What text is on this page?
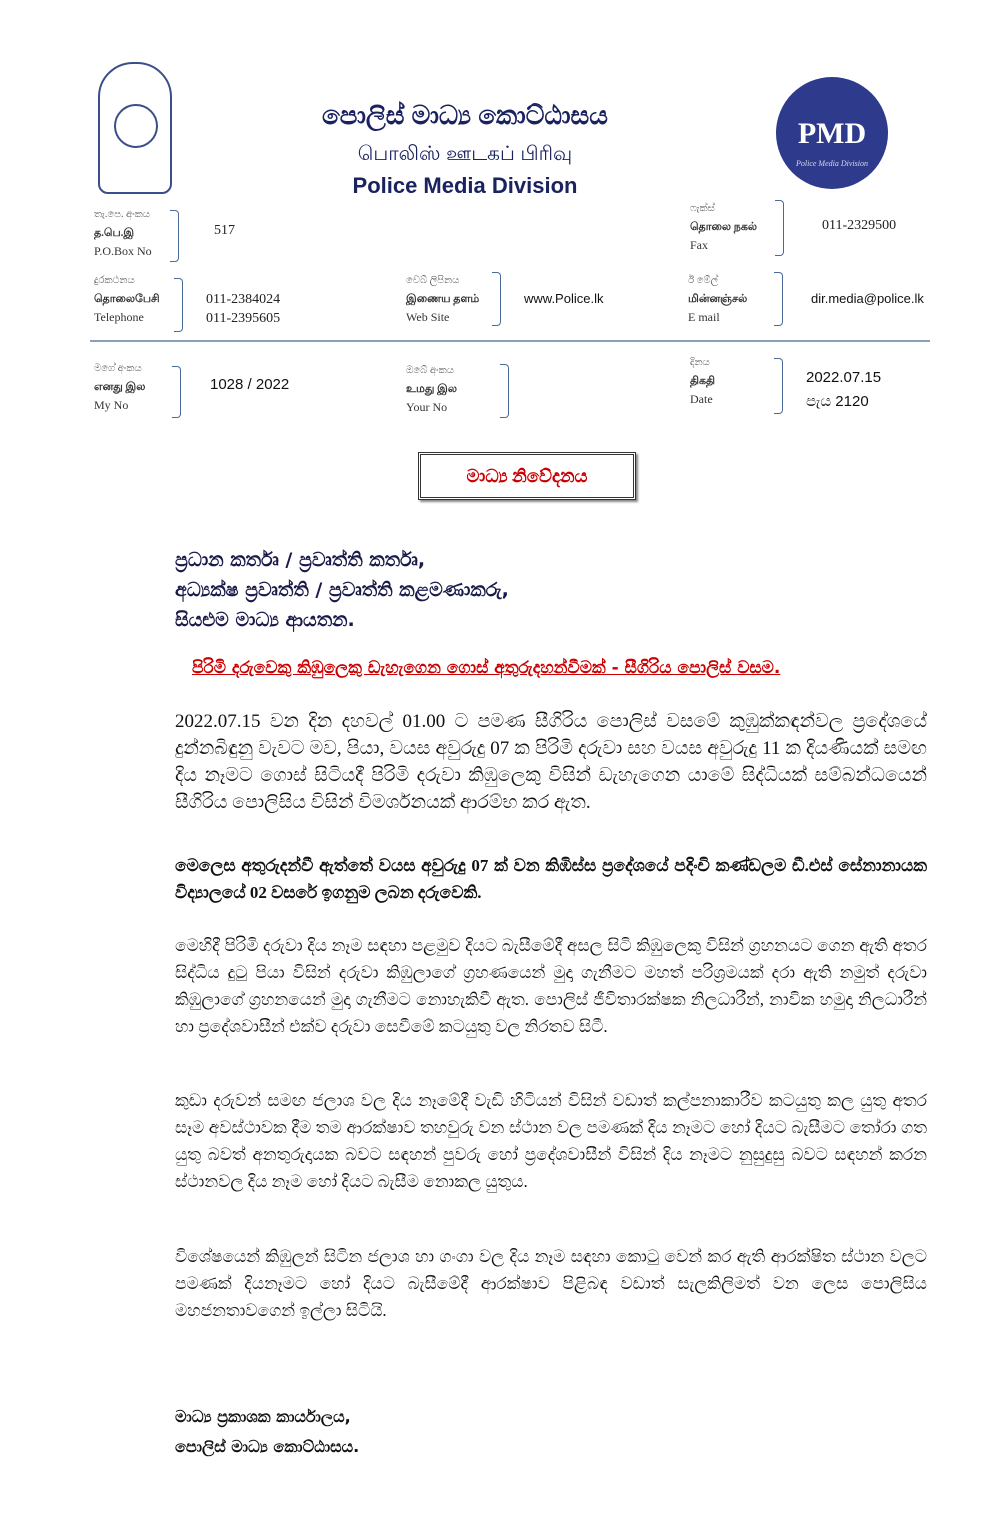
PMD
Police Media Division
පොලිස් මාධ්‍ය කොට්ඨාසය
பொலிஸ் ஊடகப் பிரிவு
Police Media Division
තැ.පෙ. අංකය
த.பெ.இ
P.O.Box No
517
ෆැක්ස්
தொலை நகல்
Fax
011-2329500
දුරකථනය
தொலைபேசி
Telephone
011-2384024
011-2395605
වෙබ් ලිපිනය
இணைய தளம்
Web Site
www.Police.lk
ඊ මේල්
மின்னஞ்சல்
E mail
dir.media@police.lk
මගේ අංකය
எனது இல
My No
1028 / 2022
ඔබේ අංකය
உமது இல
Your No
දිනය
திகதி
Date
2022.07.15
පැය 2120
මාධ්‍ය නිවේදනය
ප්‍රධාන කර්තෘ / ප්‍රවෘත්ති කර්තෘ,
අධ්‍යක්ෂ ප්‍රවෘත්ති / ප්‍රවෘත්ති කළමණාකරු,
සියළුම මාධ්‍ය ආයතන.
පිරිමි දරුවෙකු කිඹුලෙකු ඩැහැගෙන ගොස් අතුරුදහන්වීමක් - සීගිරිය පොලිස් වසම.

2022.07.15 වන දින දහවල් 01.00 ට පමණ සීගිරිය පොලිස් වසමේ කුඹුක්කඳන්වල ප්‍රදේශයේ දුන්නබිඳුනු වැවට මව, පියා, වයස අවුරුදු 07 ක පිරිමි දරුවා සහ වයස අවුරුදු 11 ක දියණියක් සමඟ දිය නෑමට ගොස් සිටියදී පිරිමි දරුවා කිඹුලෙකු විසින් ඩැහැගෙන යාමේ සිද්ධියක් සම්බන්ධයෙන් සීගිරිය පොලිසිය විසින් විමර්ශනයක් ආරම්භ කර ඇත.

මෙලෙස අතුරුදන්වී ඇත්තේ වයස අවුරුදු 07 ක් වන කිඹිස්ස ප්‍රදේශයේ පදිංචි කණ්ඩලම ඩී.එස් සේනානායක විද්‍යාලයේ 02 වසරේ ඉගනුම ලබන දරුවෙකි.

මෙහිදී පිරිමි දරුවා දිය නෑම සඳහා පළමුව දියට බැසීමේදී අසල සිටි කිඹුලෙකු විසින් ග්‍රහනයට ගෙන ඇති අතර සිද්ධිය දුටු පියා විසින් දරුවා කිඹුලාගේ ග්‍රහණයෙන් මුදා ගැනීමට මහත් පරිශ්‍රමයක් දරා ඇති නමුත් දරුවා කිඹුලාගේ ග්‍රහනයෙන් මුදා ගැනීමට නොහැකිවී ඇත. පොලිස් ජීවිතාරක්ෂක නිලධාරීන්, නාවික හමුදා නිලධාරීන් හා ප්‍රදේශවාසීන් එක්ව දරුවා සෙවීමේ කටයුතු වල නිරතව සිටී.

කුඩා දරුවන් සමඟ ජලාශ වල දිය නෑමේදී වැඩි හිටියන් විසින් වඩාත් කල්පනාකාරීව කටයුතු කල යුතු අතර සෑම අවස්ථාවක දීම තම ආරක්ෂාව තහවුරු වන ස්ථාන වල පමණක් දිය නෑමට හෝ දියට බැසීමට තෝරා ගත යුතු බවත් අනතුරුදායක බවට සඳහන් පුවරු හෝ ප්‍රදේශවාසීන් විසින් දිය නෑමට නුසුදුසු බවට සඳහන් කරන ස්ථානවල දිය නෑම හෝ දියට බැසීම නොකල යුතුය.

විශේෂයෙන් කිඹුලන් සිටින ජලාශ හා ගංගා වල දිය නෑම සඳහා කොටු වෙන් කර ඇති ආරක්ෂිත ස්ථාන වලට පමණක් දියනෑමට හෝ දියට බැසීමේදී ආරක්ෂාව පිළිබඳ වඩාත් සැලකිලිමත් වන ලෙස පොලිසිය මහජනතාවගෙන් ඉල්ලා සිටියි.

මාධ්‍ය ප්‍රකාශක කාර්යාලය,
පොලිස් මාධ්‍ය කොට්ඨාසය.
